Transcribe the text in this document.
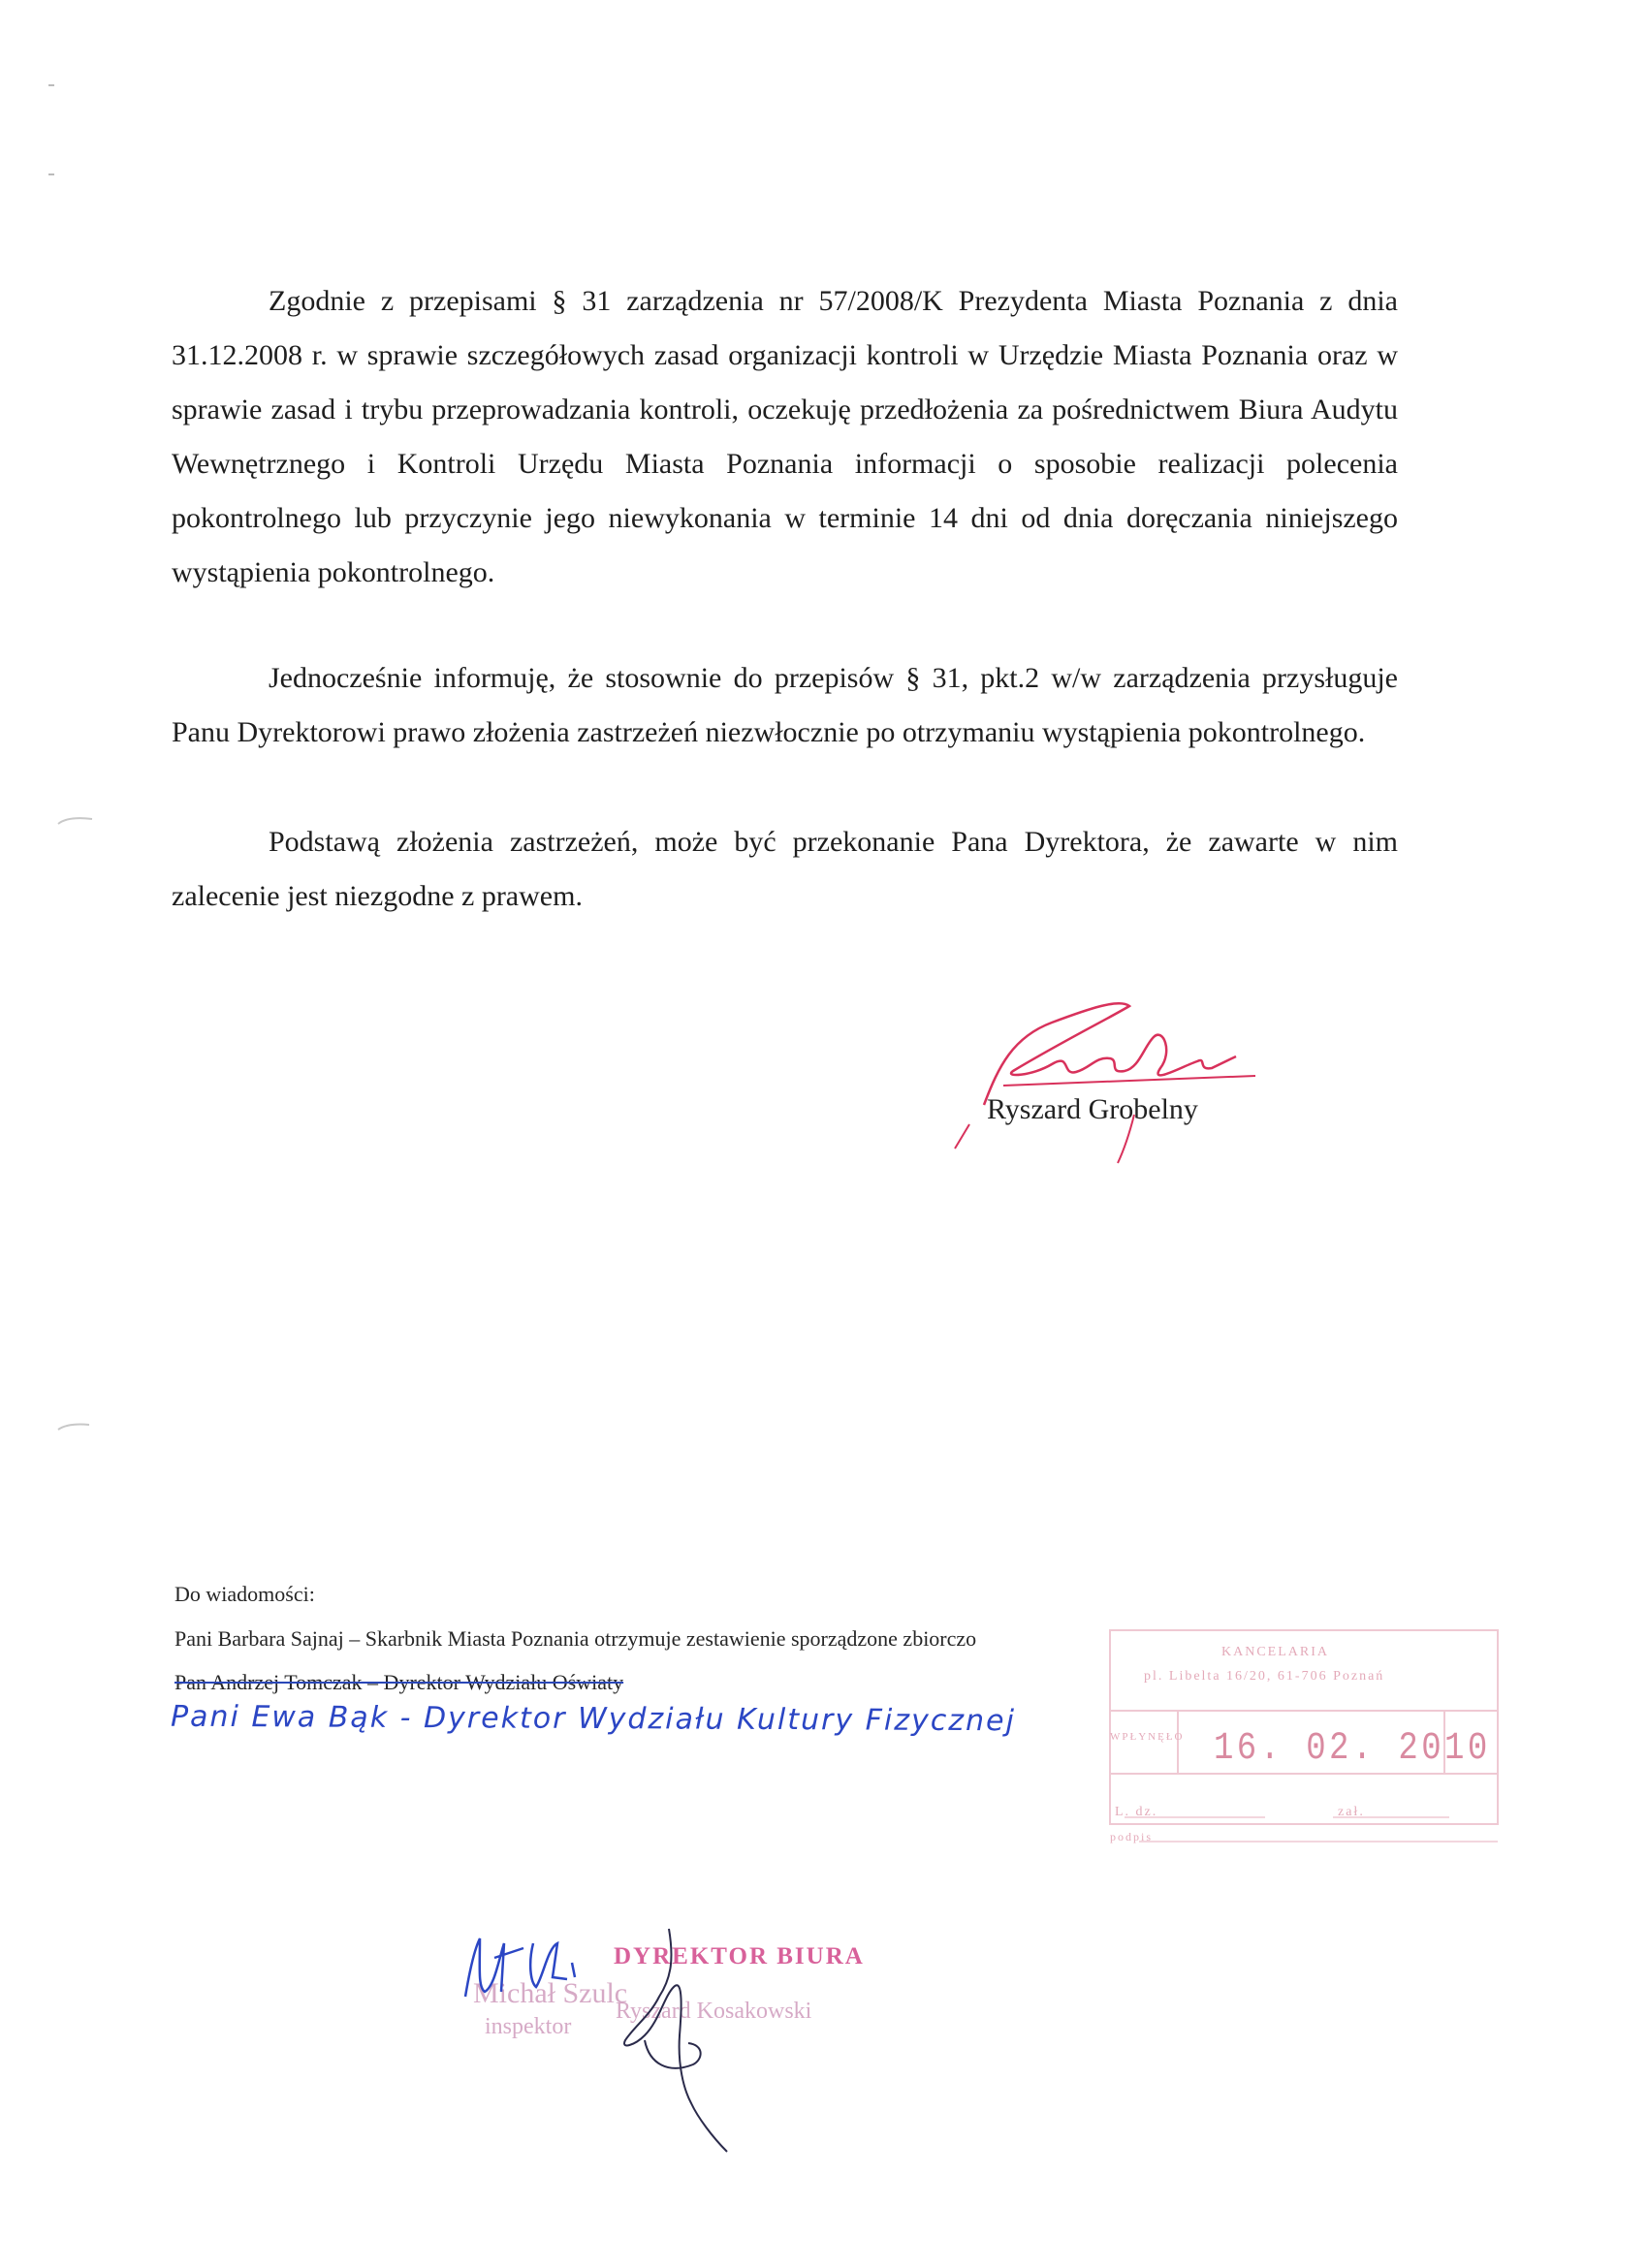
Zgodnie z przepisami § 31 zarządzenia nr 57/2008/K Prezydenta Miasta Poznania z dnia 31.12.2008 r. w sprawie szczegółowych zasad organizacji kontroli w Urzędzie Miasta Poznania oraz w sprawie zasad i trybu przeprowadzania kontroli, oczekuję przedłożenia za pośrednictwem Biura Audytu Wewnętrznego i Kontroli Urzędu Miasta Poznania informacji o sposobie realizacji polecenia pokontrolnego lub przyczynie jego niewykonania w terminie 14 dni od dnia doręczania niniejszego wystąpienia pokontrolnego.

Jednocześnie informuję, że stosownie do przepisów § 31, pkt.2 w/w zarządzenia przysługuje Panu Dyrektorowi prawo złożenia zastrzeżeń niezwłocznie po otrzymaniu wystąpienia pokontrolnego.

Podstawą złożenia zastrzeżeń, może być przekonanie Pana Dyrektora, że zawarte w nim zalecenie jest niezgodne z prawem.

Ryszard Grobelny
Do wiadomości:
Pani Barbara Sajnaj – Skarbnik Miasta Poznania otrzymuje zestawienie sporządzone zbiorczo
Pan Andrzej Tomczak – Dyrektor Wydziału Oświaty
Pani Ewa Bąk - Dyrektor Wydziału Kultury Fizycznej
KANCELARIA
pl. Libelta 16/20, 61-706 Poznań
WPŁYNĘŁO 16. 02. 2010
L. dz.	zał.
podpis
DYREKTOR BIURA
Michał Szulc
inspektor
Ryszard Kosakowski
